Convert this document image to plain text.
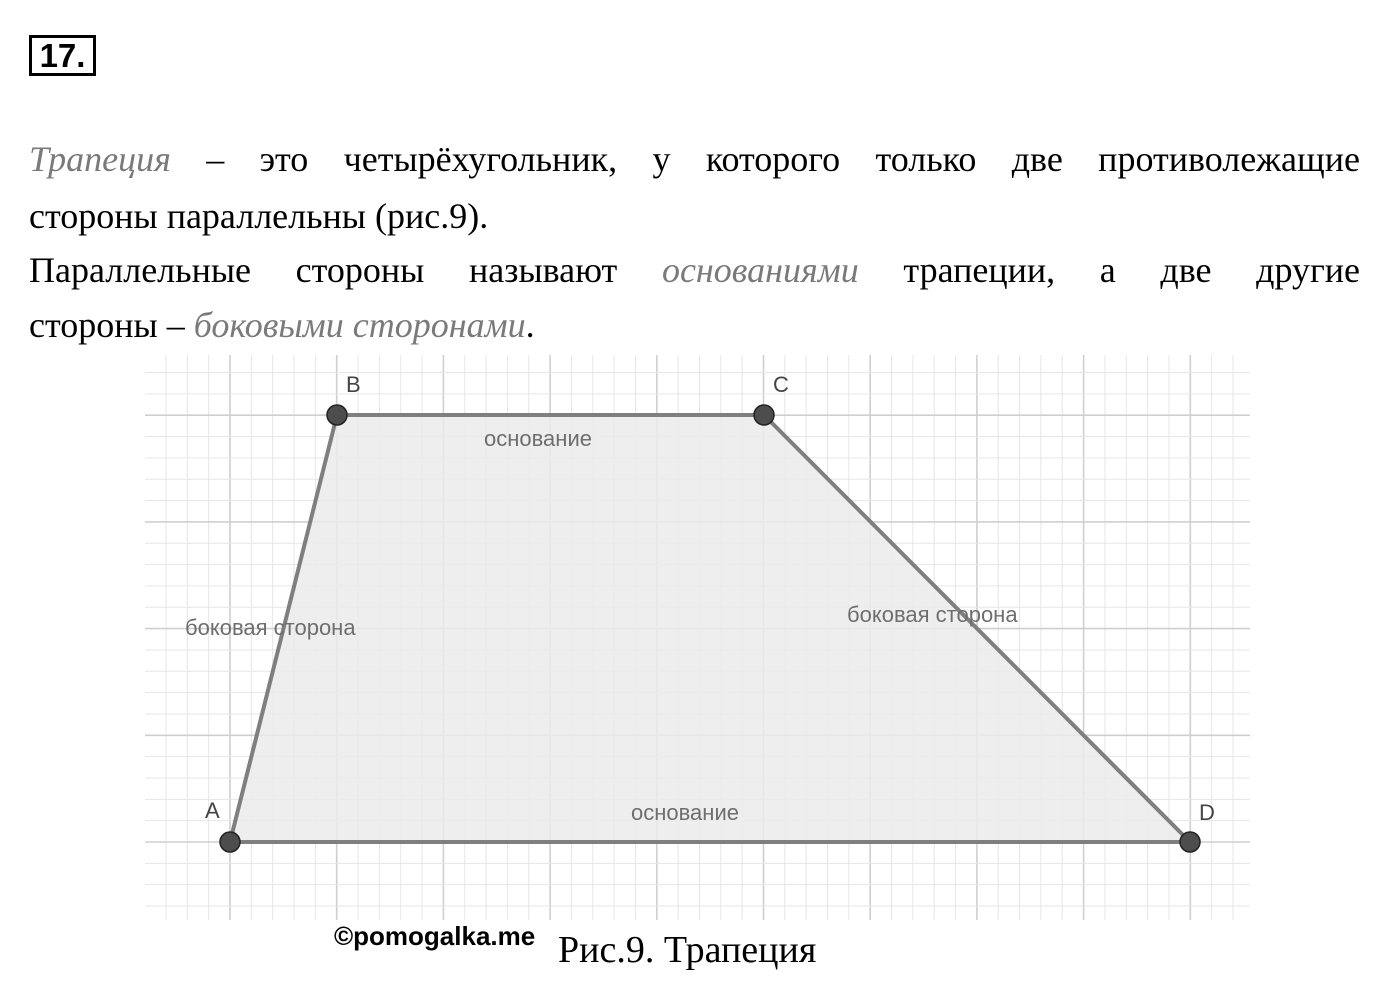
17.

Трапеция – это четырёхугольник, у которого только две противолежащие

стороны параллельны (рис.9).

Параллельные стороны называют основаниями трапеции, а две другие

стороны – боковыми сторонами.

B	C
A	D
основание
основание
боковая сторона
боковая сторона
©pomogalka.me Рис.9. Трапеция
